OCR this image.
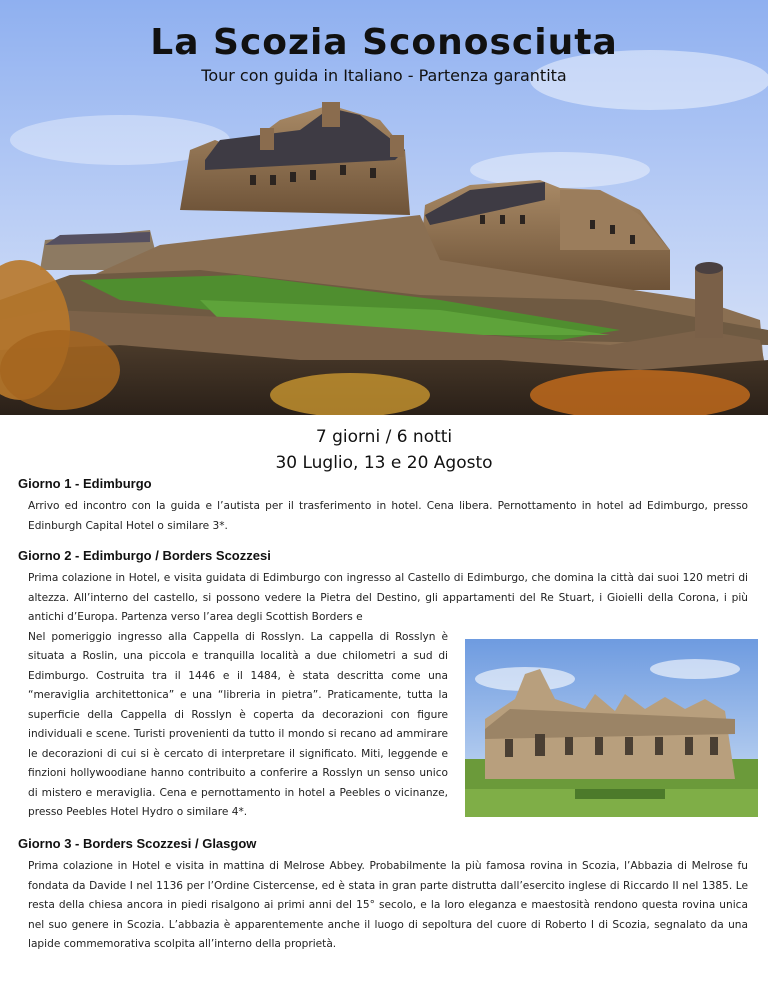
La Scozia Sconosciuta
Tour con guida in Italiano - Partenza garantita
7 giorni / 6 notti
30 Luglio, 13 e 20 Agosto
Giorno 1 - Edimburgo

Arrivo ed incontro con la guida e l’autista per il trasferimento in hotel. Cena libera. Pernottamento in hotel ad Edimburgo, presso Edinburgh Capital Hotel o similare 3*.

Giorno 2 - Edimburgo / Borders Scozzesi

Prima colazione in Hotel, e visita guidata di Edimburgo con ingresso al Castello di Edimburgo, che domina la città dai suoi 120 metri di altezza. All’interno del castello, si possono vedere la Pietra del Destino, gli appartamenti del Re Stuart, i Gioielli della Corona, i più antichi d’Europa. Partenza verso l’area degli Scottish Borders e

Nel pomeriggio ingresso alla Cappella di Rosslyn. La cappella di Rosslyn è situata a Roslin, una piccola e tranquilla località a due chilometri a sud di Edimburgo. Costruita tra il 1446 e il 1484, è stata descritta come una “meraviglia architettonica” e una “libreria in pietra”. Praticamente, tutta la superficie della Cappella di Rosslyn è coperta da decorazioni con figure individuali e scene. Turisti provenienti da tutto il mondo si recano ad ammirare le decorazioni di cui si è cercato di interpretare il significato. Miti, leggende e finzioni hollywoodiane hanno contribuito a conferire a Rosslyn un senso unico di mistero e meraviglia. Cena e pernottamento in hotel a Peebles o vicinanze, presso Peebles Hotel Hydro o similare 4*.

Giorno 3 - Borders Scozzesi / Glasgow

Prima colazione in Hotel e visita in mattina di Melrose Abbey. Probabilmente la più famosa rovina in Scozia, l’Abbazia di Melrose fu fondata da Davide I nel 1136 per l’Ordine Cistercense, ed è stata in gran parte distrutta dall’esercito inglese di Riccardo II nel 1385. Le resta della chiesa ancora in piedi risalgono ai primi anni del 15° secolo, e la loro eleganza e maestosità rendono questa rovina unica nel suo genere in Scozia. L’abbazia è apparentemente anche il luogo di sepoltura del cuore di Roberto I di Scozia, segnalato da una lapide commemorativa scolpita all’interno della proprietà.
